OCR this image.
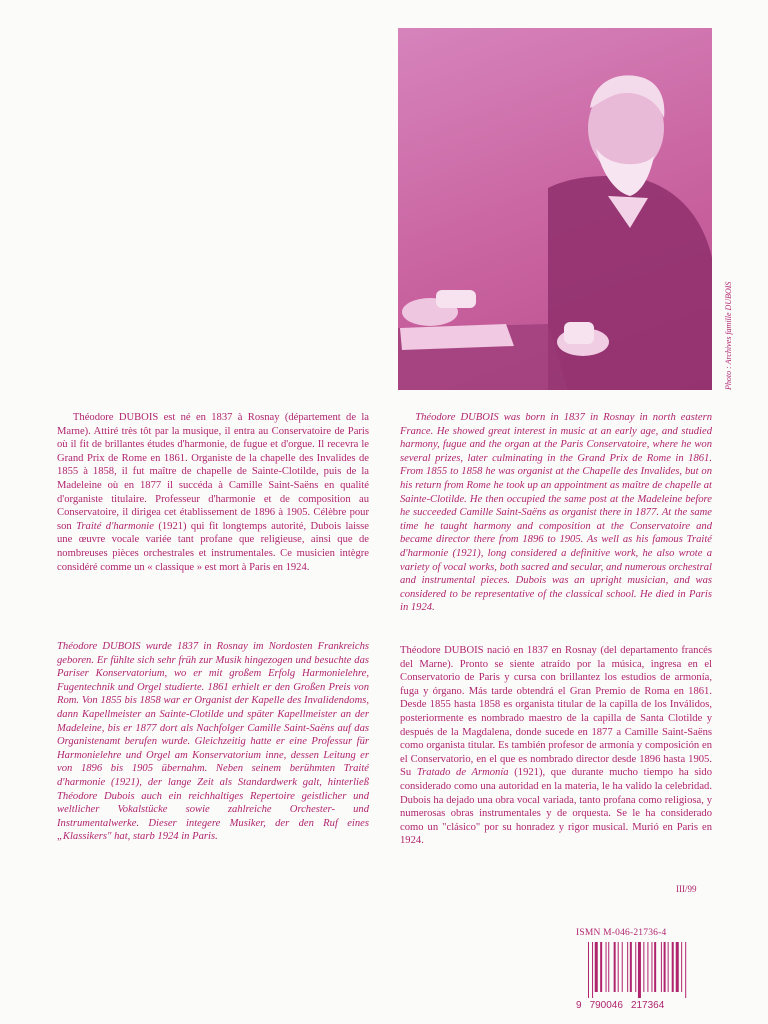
Photo : Archives famille DUBOIS

Théodore DUBOIS est né en 1837 à Rosnay (département de la Marne). Attiré très tôt par la musique, il entra au Conservatoire de Paris où il fit de brillantes études d'harmonie, de fugue et d'orgue. Il recevra le Grand Prix de Rome en 1861. Organiste de la chapelle des Invalides de 1855 à 1858, il fut maître de chapelle de Sainte-Clotilde, puis de la Madeleine où en 1877 il succéda à Camille Saint-Saëns en qualité d'organiste titulaire. Professeur d'harmonie et de composition au Conservatoire, il dirigea cet établissement de 1896 à 1905. Célèbre pour son Traité d'harmonie (1921) qui fit longtemps autorité, Dubois laisse une œuvre vocale variée tant profane que religieuse, ainsi que de nombreuses pièces orchestrales et instrumentales. Ce musicien intègre considéré comme un « classique » est mort à Paris en 1924.

Théodore DUBOIS was born in 1837 in Rosnay in north eastern France. He showed great interest in music at an early age, and studied harmony, fugue and the organ at the Paris Conservatoire, where he won several prizes, later culminating in the Grand Prix de Rome in 1861. From 1855 to 1858 he was organist at the Chapelle des Invalides, but on his return from Rome he took up an appointment as maître de chapelle at Sainte-Clotilde. He then occupied the same post at the Madeleine before he succeeded Camille Saint-Saëns as organist there in 1877. At the same time he taught harmony and composition at the Conservatoire and became director there from 1896 to 1905. As well as his famous Traité d'harmonie (1921), long considered a definitive work, he also wrote a variety of vocal works, both sacred and secular, and numerous orchestral and instrumental pieces. Dubois was an upright musician, and was considered to be representative of the classical school. He died in Paris in 1924.

Théodore DUBOIS wurde 1837 in Rosnay im Nordosten Frankreichs geboren. Er fühlte sich sehr früh zur Musik hingezogen und besuchte das Pariser Konservatorium, wo er mit großem Erfolg Harmonielehre, Fugentechnik und Orgel studierte. 1861 erhielt er den Großen Preis von Rom. Von 1855 bis 1858 war er Organist der Kapelle des Invalidendoms, dann Kapellmeister an Sainte-Clotilde und später Kapellmeister an der Madeleine, bis er 1877 dort als Nachfolger Camille Saint-Saëns auf das Organistenamt berufen wurde. Gleichzeitig hatte er eine Professur für Harmonielehre und Orgel am Konservatorium inne, dessen Leitung er von 1896 bis 1905 übernahm. Neben seinem berühmten Traité d'harmonie (1921), der lange Zeit als Standardwerk galt, hinterließ Théodore Dubois auch ein reichhaltiges Repertoire geistlicher und weltlicher Vokalstücke sowie zahlreiche Orchester- und Instrumentalwerke. Dieser integere Musiker, der den Ruf eines „Klassikers" hat, starb 1924 in Paris.

Théodore DUBOIS nació en 1837 en Rosnay (del departamento francés del Marne). Pronto se siente atraído por la música, ingresa en el Conservatorio de Paris y cursa con brillantez los estudios de armonía, fuga y órgano. Más tarde obtendrá el Gran Premio de Roma en 1861. Desde 1855 hasta 1858 es organista titular de la capilla de los Inválidos, posteriormente es nombrado maestro de la capilla de Santa Clotilde y después de la Magdalena, donde sucede en 1877 a Camille Saint-Saëns como organista titular. Es también profesor de armonía y composición en el Conservatorio, en el que es nombrado director desde 1896 hasta 1905. Su Tratado de Armonía (1921), que durante mucho tiempo ha sido considerado como una autoridad en la materia, le ha valido la celebridad. Dubois ha dejado una obra vocal variada, tanto profana como religiosa, y numerosas obras instrumentales y de orquesta. Se le ha considerado como un "clásico" por su honradez y rigor musical. Murió en Paris en 1924.

III/99
ISMN M-046-21736-4
9 790046 217364
